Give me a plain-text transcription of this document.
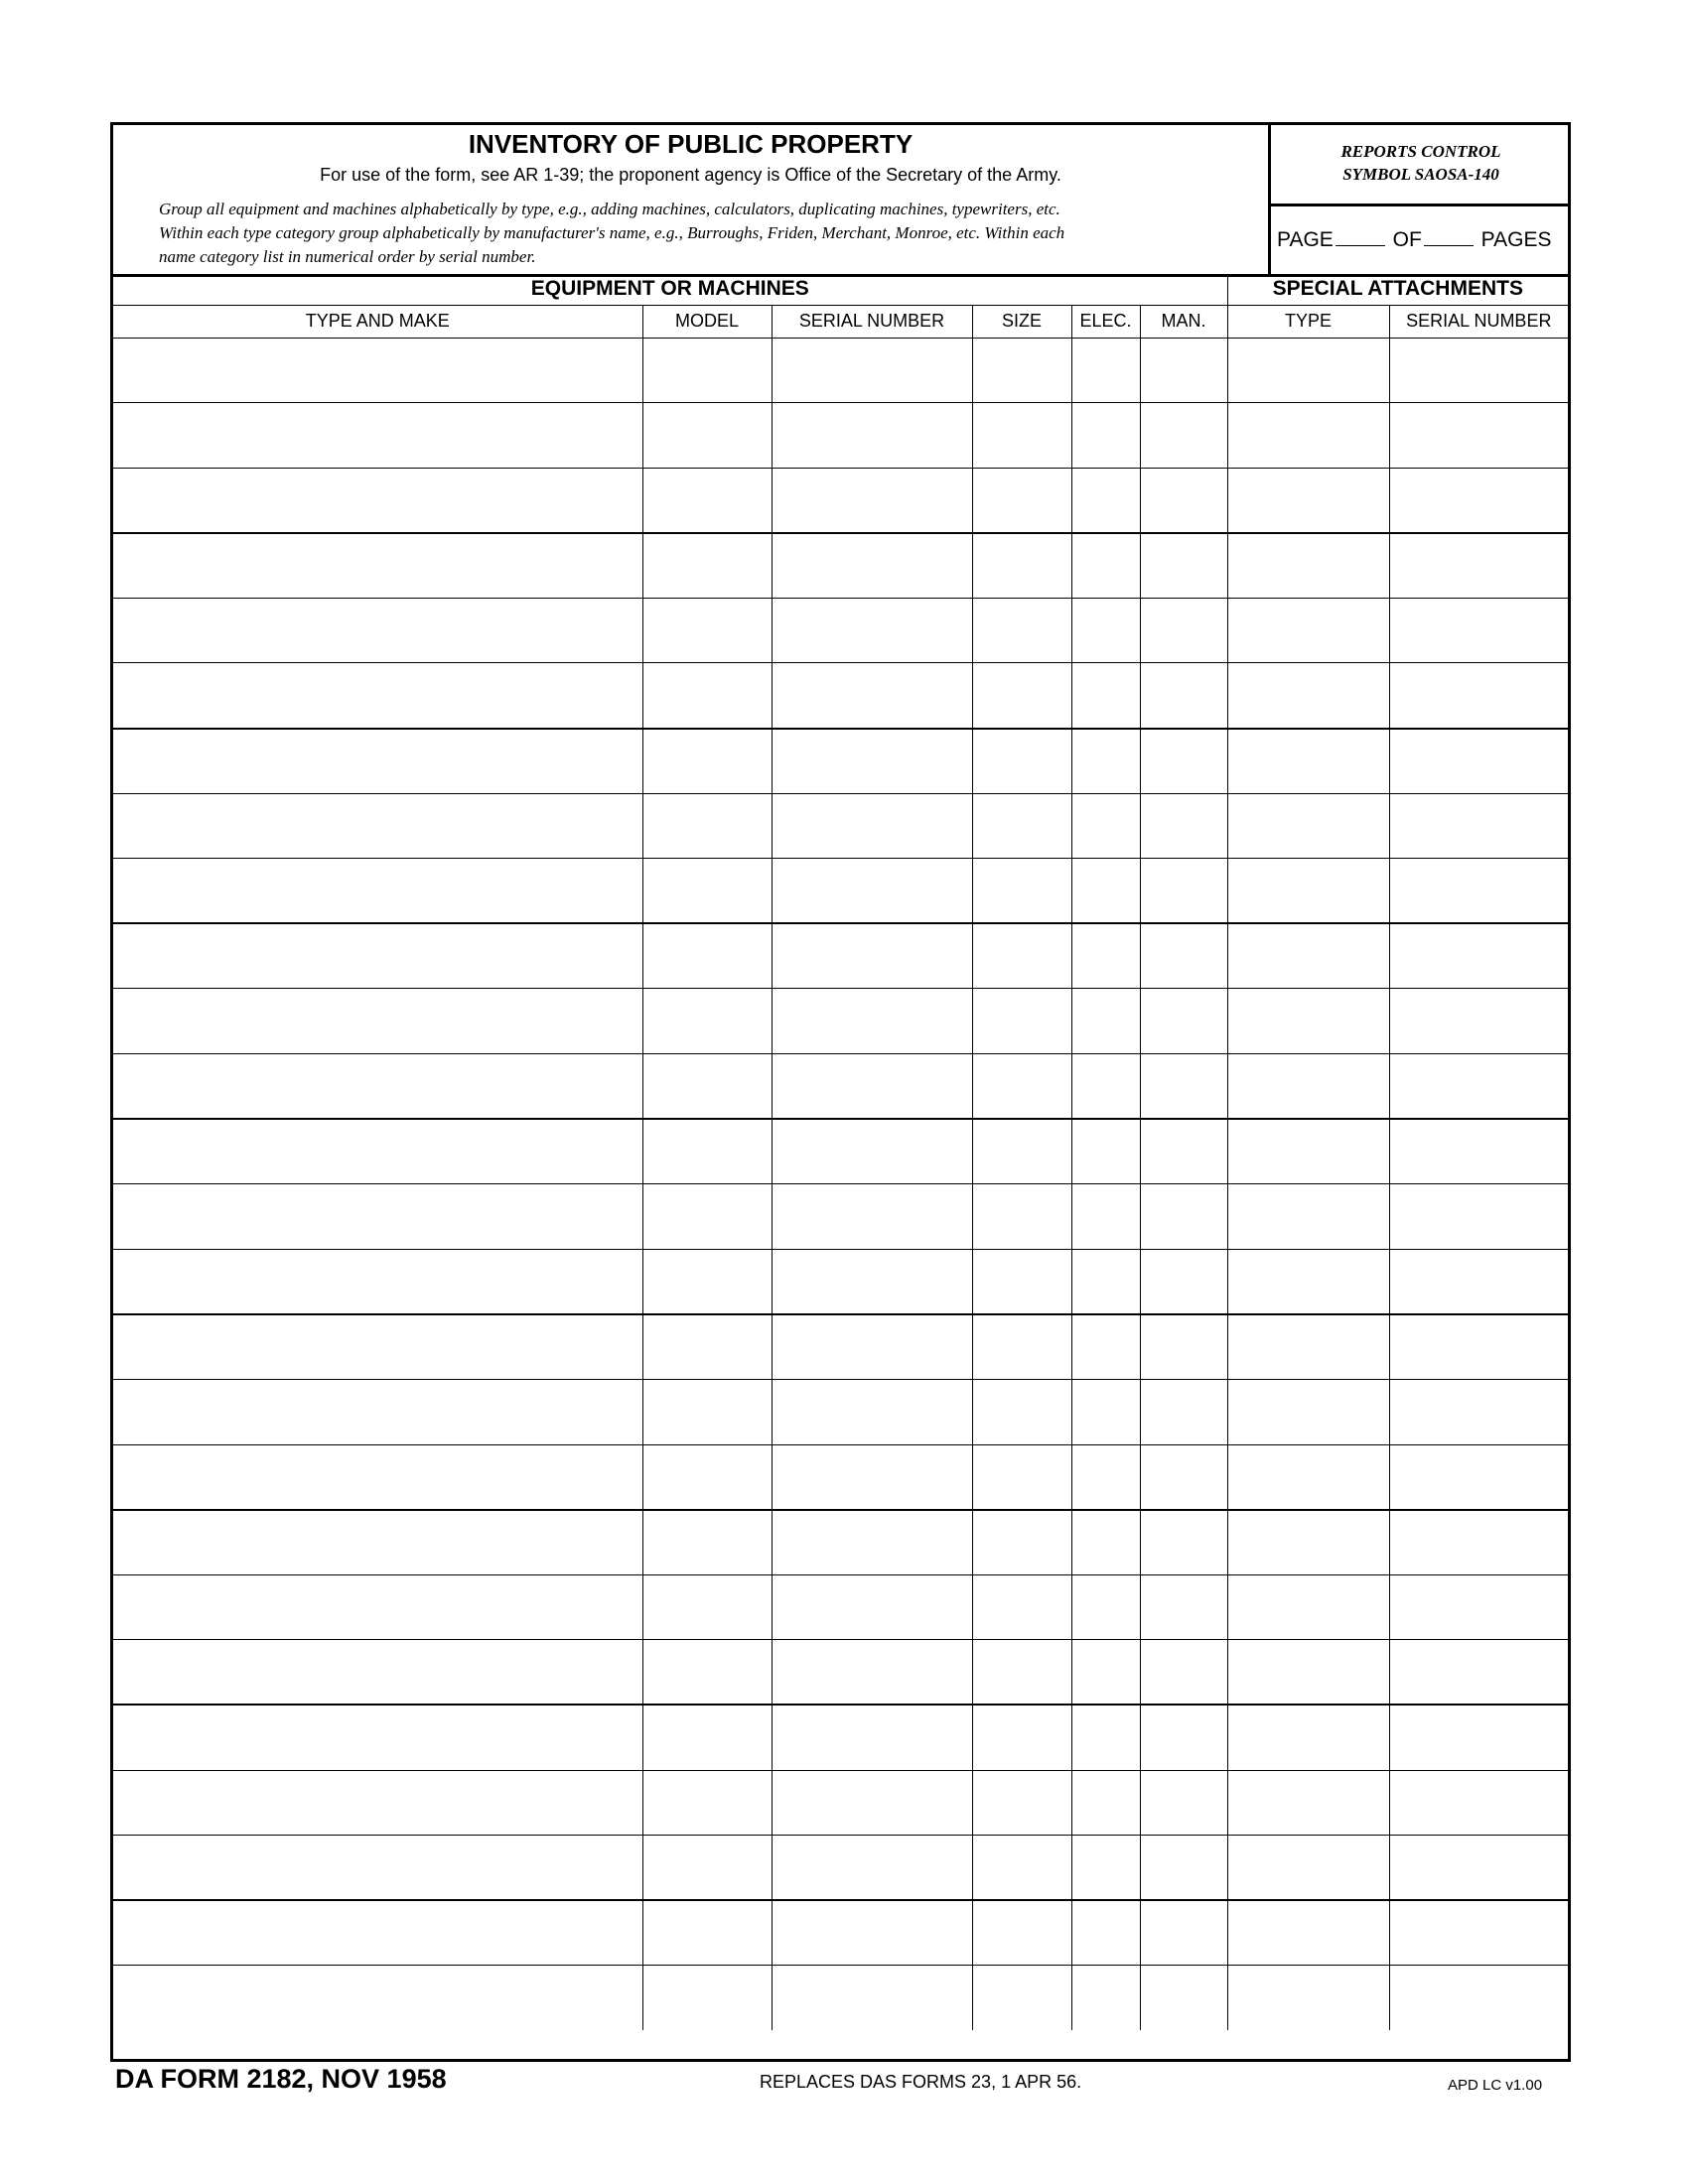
INVENTORY OF PUBLIC PROPERTY
For use of the form, see AR 1-39; the proponent agency is Office of the Secretary of the Army.
Group all equipment and machines alphabetically by type, e.g., adding machines, calculators, duplicating machines, typewriters, etc.
Within each type category group alphabetically by manufacturer's name, e.g., Burroughs, Friden, Merchant, Monroe, etc. Within each
name category list in numerical order by serial number.
REPORTS CONTROL
SYMBOL SAOSA-140
PAGE	OF	PAGES
EQUIPMENT OR MACHINES						SPECIAL ATTACHMENTS	
TYPE AND MAKE	MODEL	SERIAL NUMBER	SIZE	ELEC.	MAN.	TYPE	SERIAL NUMBER

DA FORM 2182, NOV 1958	REPLACES DAS FORMS 23, 1 APR 56.	APD LC v1.00
